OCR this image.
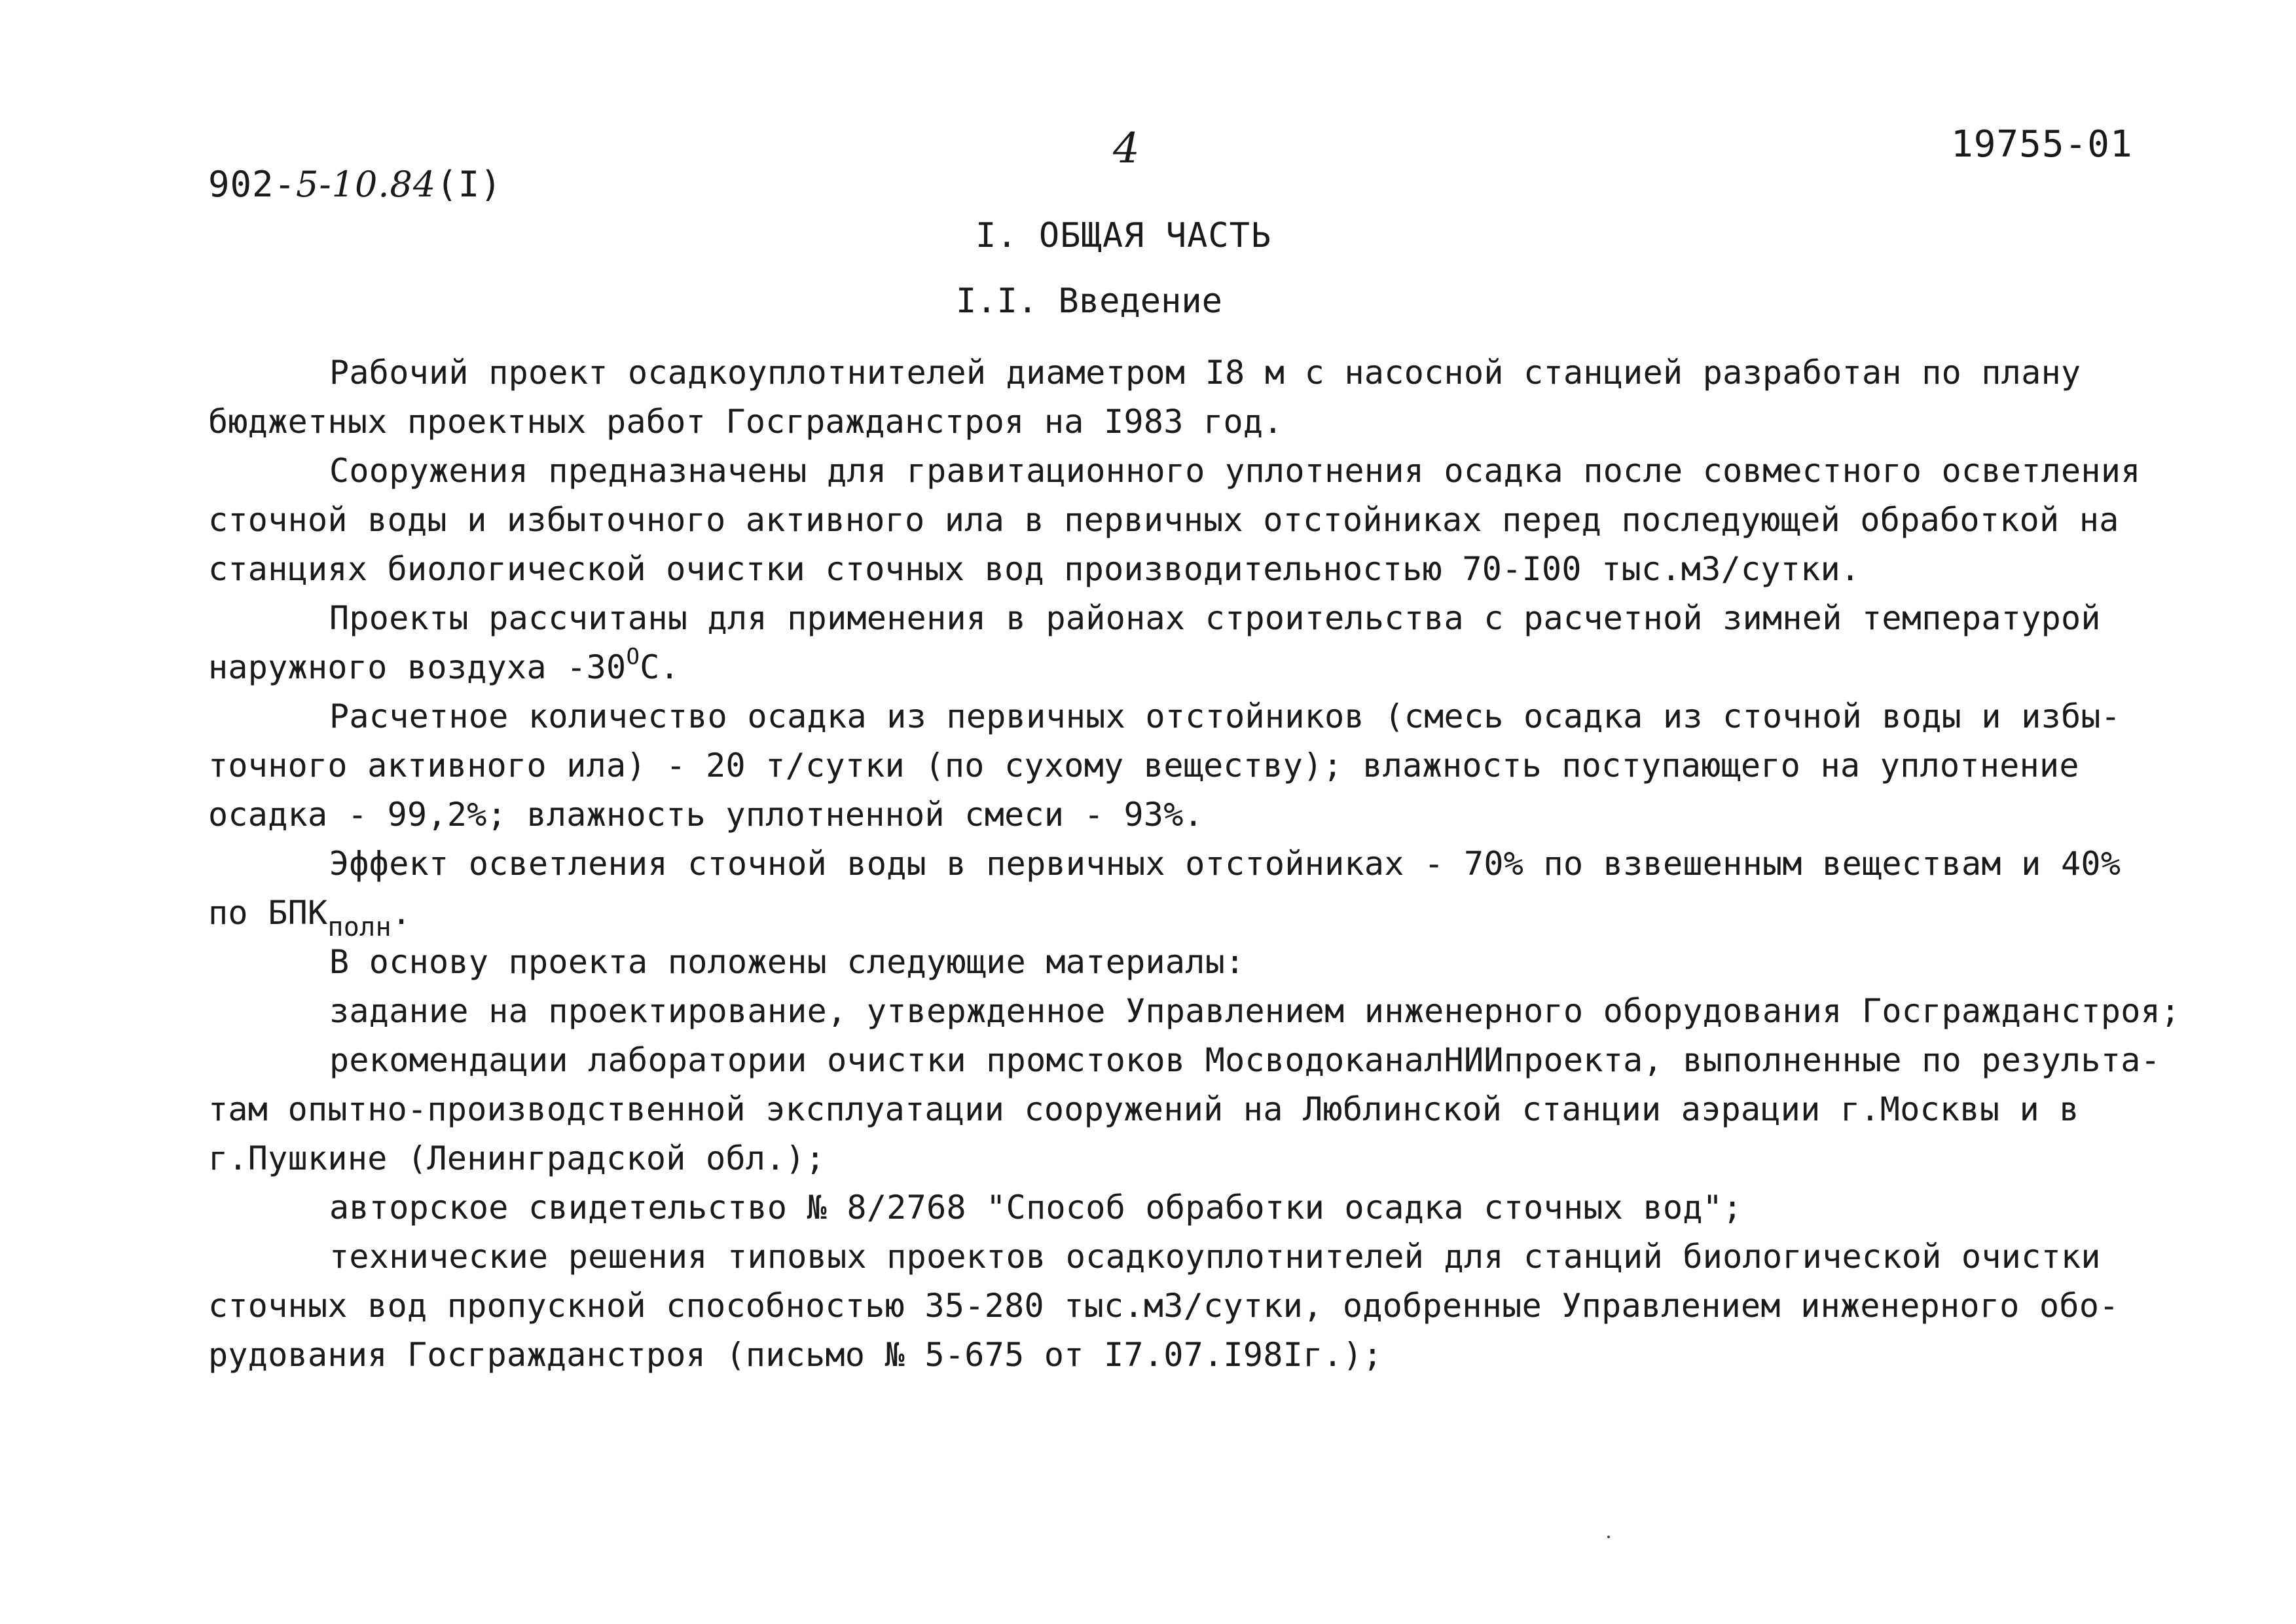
902-5-10.84(I)
4	19755-01
I. ОБЩАЯ ЧАСТЬ
I.I. Введение
Рабочий проект осадкоуплотнителей диаметром I8 м с насосной станцией разработан по плану
бюджетных проектных работ Госгражданстроя на I983 год.
Сооружения предназначены для гравитационного уплотнения осадка после совместного осветления
сточной воды и избыточного активного ила в первичных отстойниках перед последующей обработкой на
станциях биологической очистки сточных вод производительностью 70-I00 тыс.м3/сутки.
Проекты рассчитаны для применения в районах строительства с расчетной зимней температурой
наружного воздуха $-30^OС$.
Расчетное количество осадка из первичных отстойников (смесь осадка из сточной воды и избы-
точного активного ила) - 20 т/сутки (по сухому веществу); влажность поступающего на уплотнение
осадка - 99,2%; влажность уплотненной смеси - 93%.
Эффект осветления сточной воды в первичных отстойниках - 70% по взвешенным веществам и 40%
по $БПК_{полн}$.
В основу проекта положены следующие материалы:
задание на проектирование, утвержденное Управлением инженерного оборудования Госгражданстроя;
рекомендации лаборатории очистки промстоков МосводоканалНИИпроекта, выполненные по результа-
там опытно-производственной эксплуатации сооружений на Люблинской станции аэрации г.Москвы и в
г.Пушкине (Ленинградской обл.);
авторское свидетельство № 8/2768 "Способ обработки осадка сточных вод";
технические решения типовых проектов осадкоуплотнителей для станций биологической очистки
сточных вод пропускной способностью 35-280 тыс.м3/сутки, одобренные Управлением инженерного обо-
рудования Госгражданстроя (письмо № 5-675 от I7.07.I98Iг.);
